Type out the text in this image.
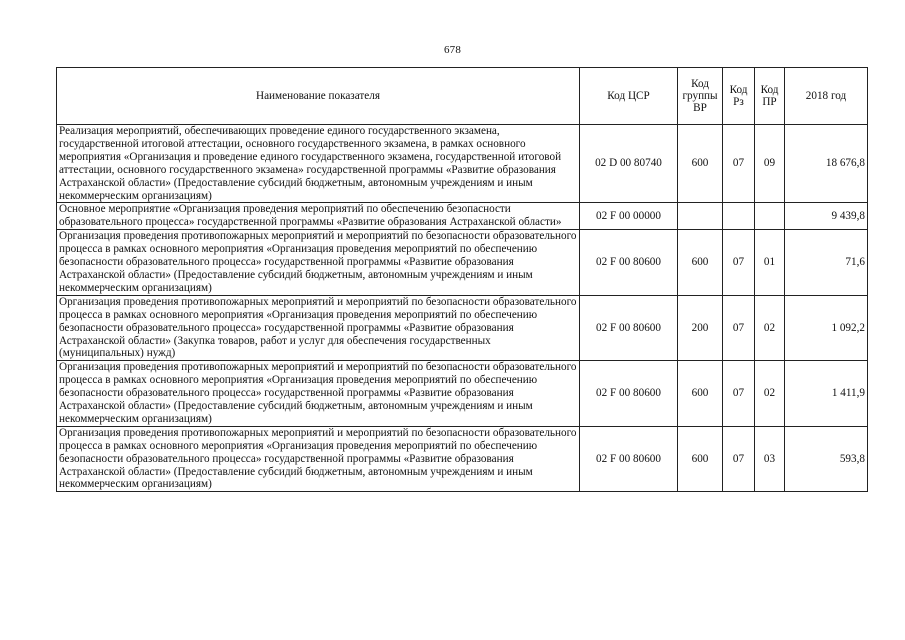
678
Наименование показателя	Код ЦСР	Код группы ВР	Код Рз	Код ПР	2018 год
Реализация мероприятий, обеспечивающих проведение единого государственного экзамена, государственной итоговой аттестации, основного государственного экзамена, в рамках основного мероприятия «Организация и проведение единого государственного экзамена, государственной итоговой аттестации, основного государственного экзамена» государственной программы «Развитие образования Астраханской области» (Предоставление субсидий бюджетным, автономным учреждениям и иным некоммерческим организациям)	02 D 00 80740	600	07	09	18 676,8
Основное мероприятие «Организация проведения мероприятий по обеспечению безопасности образовательного процесса» государственной программы «Развитие образования Астраханской области»	02 F 00 00000				9 439,8
Организация проведения противопожарных мероприятий и мероприятий по безопасности образовательного процесса в рамках основного мероприятия «Организация проведения мероприятий по обеспечению безопасности образовательного процесса» государственной программы «Развитие образования Астраханской области» (Предоставление субсидий бюджетным, автономным учреждениям и иным некоммерческим организациям)	02 F 00 80600	600	07	01	71,6
Организация проведения противопожарных мероприятий и мероприятий по безопасности образовательного процесса в рамках основного мероприятия «Организация проведения мероприятий по обеспечению безопасности образовательного процесса» государственной программы «Развитие образования Астраханской области» (Закупка товаров, работ и услуг для обеспечения государственных (муниципальных) нужд)	02 F 00 80600	200	07	02	1 092,2
Организация проведения противопожарных мероприятий и мероприятий по безопасности образовательного процесса в рамках основного мероприятия «Организация проведения мероприятий по обеспечению безопасности образовательного процесса» государственной программы «Развитие образования Астраханской области» (Предоставление субсидий бюджетным, автономным учреждениям и иным некоммерческим организациям)	02 F 00 80600	600	07	02	1 411,9
Организация проведения противопожарных мероприятий и мероприятий по безопасности образовательного процесса в рамках основного мероприятия «Организация проведения мероприятий по обеспечению безопасности образовательного процесса» государственной программы «Развитие образования Астраханской области» (Предоставление субсидий бюджетным, автономным учреждениям и иным некоммерческим организациям)	02 F 00 80600	600	07	03	593,8
